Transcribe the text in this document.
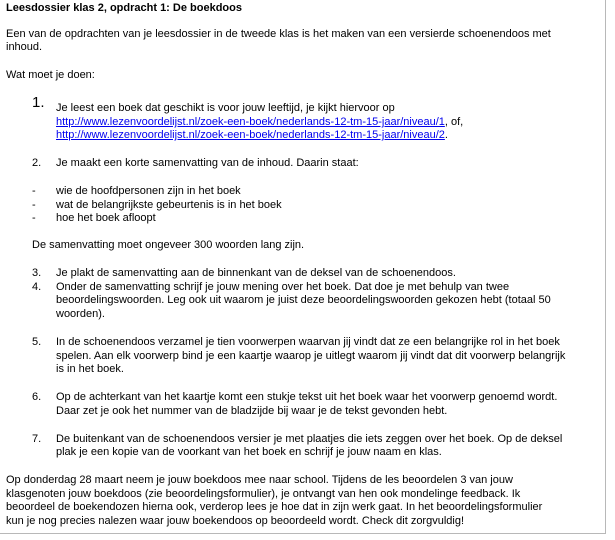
Leesdossier klas 2, opdracht 1: De boekdoos
Een van de opdrachten van je leesdossier in de tweede klas is het maken van een versierde schoenendoos met
inhoud.
Wat moet je doen:
1. Je leest een boek dat geschikt is voor jouw leeftijd, je kijkt hiervoor op
http://www.lezenvoordelijst.nl/zoek-een-boek/nederlands-12-tm-15-jaar/niveau/1, of,
http://www.lezenvoordelijst.nl/zoek-een-boek/nederlands-12-tm-15-jaar/niveau/2.
2. Je maakt een korte samenvatting van de inhoud. Daarin staat:
- wie de hoofdpersonen zijn in het boek
- wat de belangrijkste gebeurtenis is in het boek
- hoe het boek afloopt
De samenvatting moet ongeveer 300 woorden lang zijn.
3. Je plakt de samenvatting aan de binnenkant van de deksel van de schoenendoos.
4. Onder de samenvatting schrijf je jouw mening over het boek. Dat doe je met behulp van twee
beoordelingswoorden. Leg ook uit waarom je juist deze beoordelingswoorden gekozen hebt (totaal 50
woorden).
5. In de schoenendoos verzamel je tien voorwerpen waarvan jij vindt dat ze een belangrijke rol in het boek
spelen. Aan elk voorwerp bind je een kaartje waarop je uitlegt waarom jij vindt dat dit voorwerp belangrijk
is in het boek.
6. Op de achterkant van het kaartje komt een stukje tekst uit het boek waar het voorwerp genoemd wordt.
Daar zet je ook het nummer van de bladzijde bij waar je de tekst gevonden hebt.
7. De buitenkant van de schoenendoos versier je met plaatjes die iets zeggen over het boek. Op de deksel
plak je een kopie van de voorkant van het boek en schrijf je jouw naam en klas.
Op donderdag 28 maart neem je jouw boekdoos mee naar school. Tijdens de les beoordelen 3 van jouw
klasgenoten jouw boekdoos (zie beoordelingsformulier), je ontvangt van hen ook mondelinge feedback. Ik
beoordeel de boekendozen hierna ook, verderop lees je hoe dat in zijn werk gaat. In het beoordelingsformulier
kun je nog precies nalezen waar jouw boekendoos op beoordeeld wordt. Check dit zorgvuldig!
